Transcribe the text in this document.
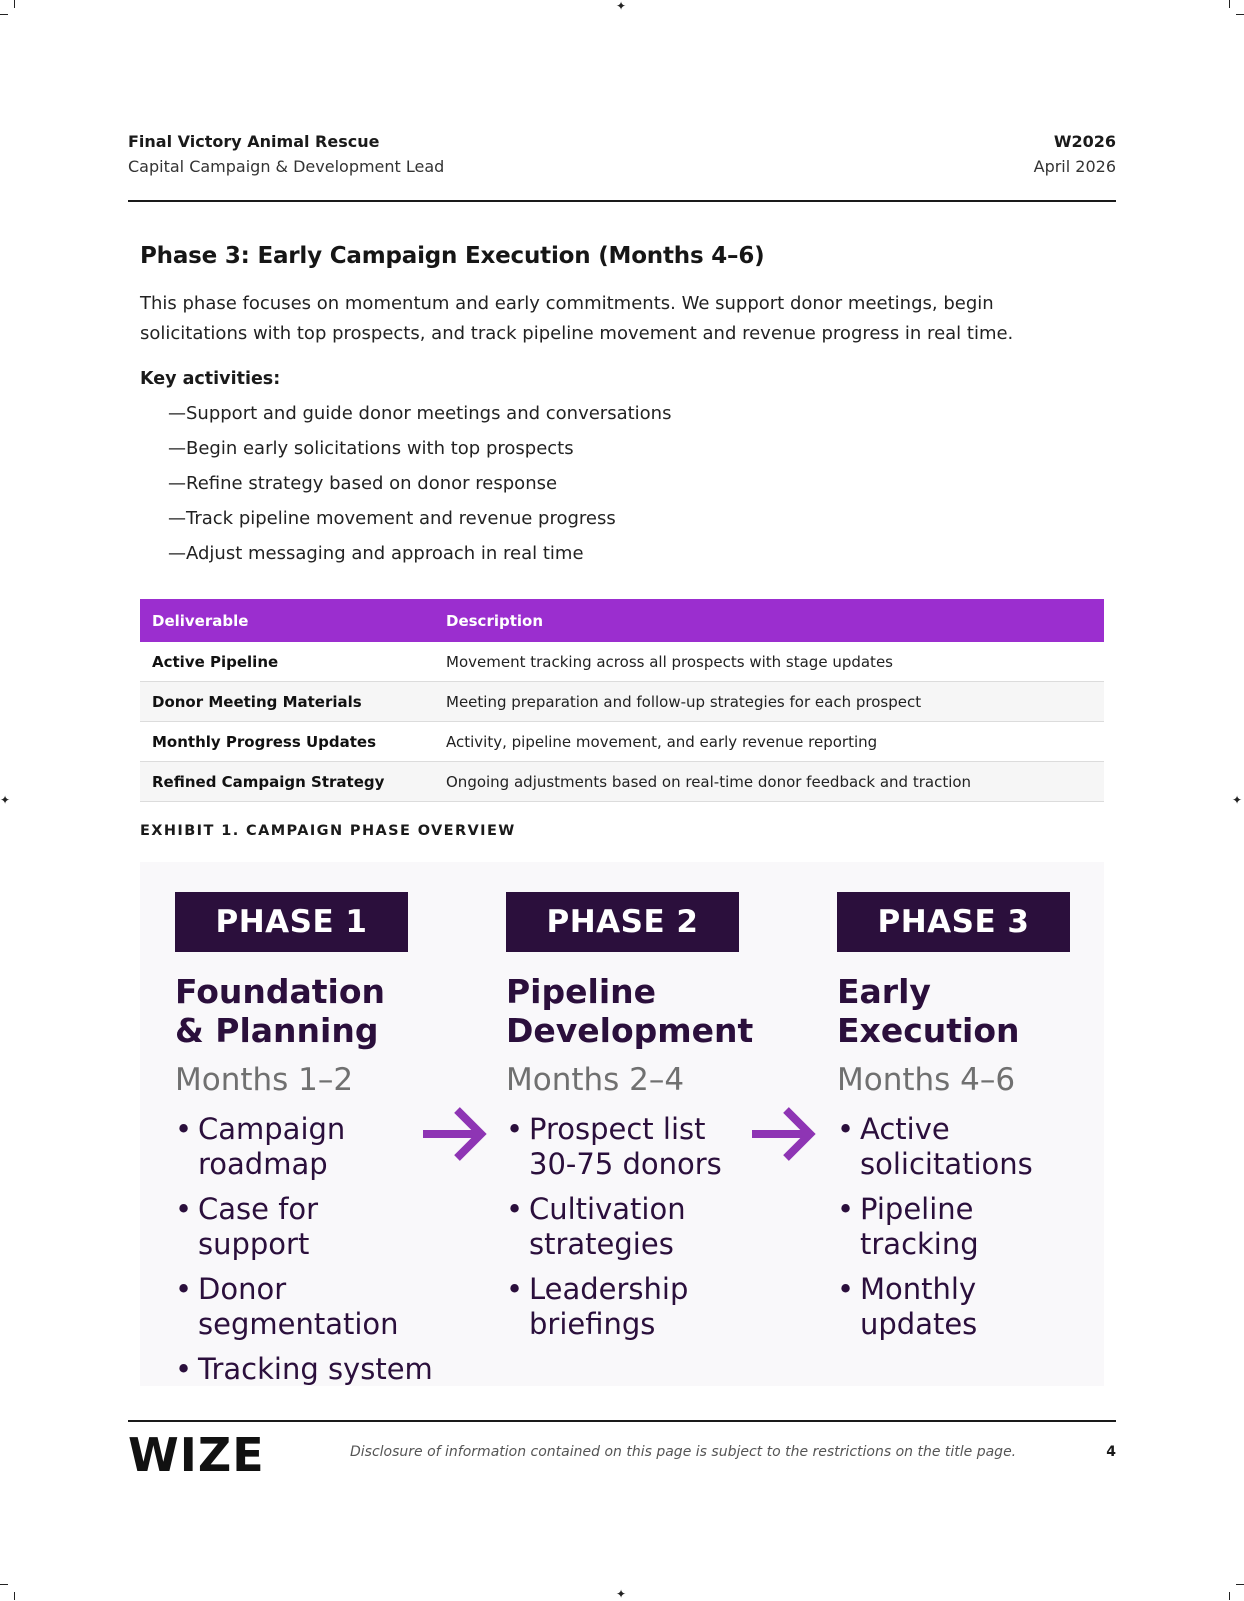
✦
✦
✦	✦
Final Victory Animal Rescue
Capital Campaign & Development Lead
W2026
April 2026
Phase 3: Early Campaign Execution (Months 4–6)

This phase focuses on momentum and early commitments. We support donor meetings, begin solicitations with top prospects, and track pipeline movement and revenue progress in real time.

Key activities:
—Support and guide donor meetings and conversations
—Begin early solicitations with top prospects
—Refine strategy based on donor response
—Track pipeline movement and revenue progress
—Adjust messaging and approach in real time
Deliverable	Description
Active Pipeline	Movement tracking across all prospects with stage updates
Donor Meeting Materials	Meeting preparation and follow-up strategies for each prospect
Monthly Progress Updates	Activity, pipeline movement, and early revenue reporting
Refined Campaign Strategy	Ongoing adjustments based on real-time donor feedback and traction
EXHIBIT 1. CAMPAIGN PHASE OVERVIEW
PHASE 1
Foundation & Planning
Months 1–2
• Campaign roadmap
• Case for support
• Donor segmentation
• Tracking system
PHASE 2
Pipeline Development
Months 2–4
• Prospect list 30-75 donors
• Cultivation strategies
• Leadership briefings
PHASE 3
Early Execution
Months 4–6
• Active solicitations
• Pipeline tracking
• Monthly updates
WIZE	Disclosure of information contained on this page is subject to the restrictions on the title page.	4
